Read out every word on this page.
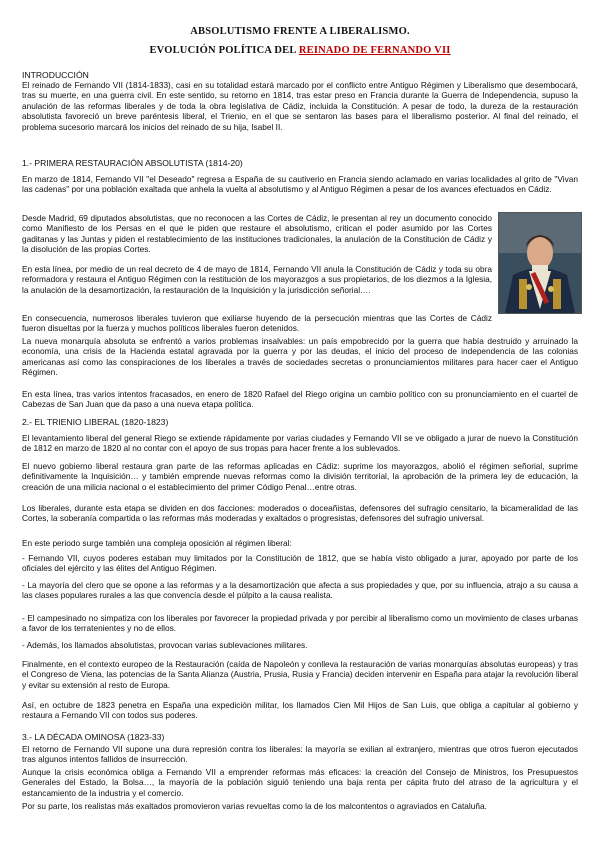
ABSOLUTISMO FRENTE A LIBERALISMO.
EVOLUCIÓN POLÍTICA DEL REINADO DE FERNANDO VII

INTRODUCCIÓN

El reinado de Fernando VII (1814-1833), casi en su totalidad estará marcado por el conflicto entre Antiguo Régimen y Liberalismo que desembocará, tras su muerte, en una guerra civil. En este sentido, su retorno en 1814, tras estar preso en Francia durante la Guerra de Independencia, supuso la anulación de las reformas liberales y de toda la obra legislativa de Cádiz, incluida la Constitución. A pesar de todo, la dureza de la restauración absolutista favoreció un breve paréntesis liberal, el Trienio, en el que se sentaron las bases para el liberalismo posterior. Al final del reinado, el problema sucesorio marcará los inicios del reinado de su hija, Isabel II.

1.- PRIMERA RESTAURACIÓN ABSOLUTISTA (1814-20)

En marzo de 1814, Fernando VII "el Deseado" regresa a España de su cautiverio en Francia siendo aclamado en varias localidades al grito de "Vivan las cadenas" por una población exaltada que anhela la vuelta al absolutismo y al Antiguo Régimen a pesar de los avances efectuados en Cádiz.

Desde Madrid, 69 diputados absolutistas, que no reconocen a las Cortes de Cádiz, le presentan al rey un documento conocido como Manifiesto de los Persas en el que le piden que restaure el absolutismo, critican el poder asumido por las Cortes gaditanas y las Juntas y piden el restablecimiento de las instituciones tradicionales, la anulación de la Constitución de Cádiz y la disolución de las propias Cortes.

En esta línea, por medio de un real decreto de 4 de mayo de 1814, Fernando VII anula la Constitución de Cádiz y toda su obra reformadora y restaura el Antiguo Régimen con la restitución de los mayorazgos a sus propietarios, de los diezmos a la Iglesia, la anulación de la desamortización, la restauración de la Inquisición y la jurisdicción señorial….

En consecuencia, numerosos liberales tuvieron que exiliarse huyendo de la persecución mientras que las Cortes de Cádiz fueron disueltas por la fuerza y muchos políticos liberales fueron detenidos.

La nueva monarquía absoluta se enfrentó a varios problemas insalvables: un país empobrecido por la guerra que había destruido y arruinado la economía, una crisis de la Hacienda estatal agravada por la guerra y por las deudas, el inicio del proceso de independencia de las colonias americanas así como las conspiraciones de los liberales a través de sociedades secretas o pronunciamientos militares para hacer caer el Antiguo Régimen.

En esta línea, tras varios intentos fracasados, en enero de 1820 Rafael del Riego origina un cambio político con su pronunciamiento en el cuartel de Cabezas de San Juan que da paso a una nueva etapa política.

2.- EL TRIENIO LIBERAL (1820-1823)

El levantamiento liberal del general Riego se extiende rápidamente por varias ciudades y Fernando VII se ve obligado a jurar de nuevo la Constitución de 1812 en marzo de 1820 al no contar con el apoyo de sus tropas para hacer frente a los sublevados.

El nuevo gobierno liberal restaura gran parte de las reformas aplicadas en Cádiz: suprime los mayorazgos, abolió el régimen señorial, suprime definitivamente la Inquisición… y también emprende nuevas reformas como la división territorial, la aprobación de la primera ley de educación, la creación de una milicia nacional o el establecimiento del primer Código Penal…entre otras.

Los liberales, durante esta etapa se dividen en dos facciones: moderados o doceañistas, defensores del sufragio censitario, la bicameralidad de las Cortes, la soberanía compartida o las reformas más moderadas y exaltados o progresistas, defensores del sufragio universal.

En este periodo surge también una compleja oposición al régimen liberal:

- Fernando VII, cuyos poderes estaban muy limitados por la Constitución de 1812, que se había visto obligado a jurar, apoyado por parte de los oficiales del ejército y las élites del Antiguo Régimen.

- La mayoría del clero que se opone a las reformas y a la desamortización que afecta a sus propiedades y que, por su influencia, atrajo a su causa a las clases populares rurales a las que convencía desde el púlpito a la causa realista.

- El campesinado no simpatiza con los liberales por favorecer la propiedad privada y por percibir al liberalismo como un movimiento de clases urbanas a favor de los terratenientes y no de ellos.

- Además, los llamados absolutistas, provocan varias sublevaciones militares.

Finalmente, en el contexto europeo de la Restauración (caída de Napoleón y conlleva la restauración de varias monarquías absolutas europeas) y tras el Congreso de Viena, las potencias de la Santa Alianza (Austria, Prusia, Rusia y Francia) deciden intervenir en España para atajar la revolución liberal y evitar su extensión al resto de Europa.

Así, en octubre de 1823 penetra en España una expedición militar, los llamados Cien Mil Hijos de San Luis, que obliga a capitular al gobierno y restaura a Fernando VII con todos sus poderes.

3.- LA DÉCADA OMINOSA (1823-33)

El retorno de Fernando VII supone una dura represión contra los liberales: la mayoría se exilian al extranjero, mientras que otros fueron ejecutados tras algunos intentos fallidos de insurrección.

Aunque la crisis económica obliga a Fernando VII a emprender reformas más eficaces: la creación del Consejo de Ministros, los Presupuestos Generales del Estado, la Bolsa…, la mayoría de la población siguió teniendo una baja renta per cápita fruto del atraso de la agricultura y el estancamiento de la industria y el comercio.

Por su parte, los realistas más exaltados promovieron varias revueltas como la de los malcontentos o agraviados en Cataluña.
